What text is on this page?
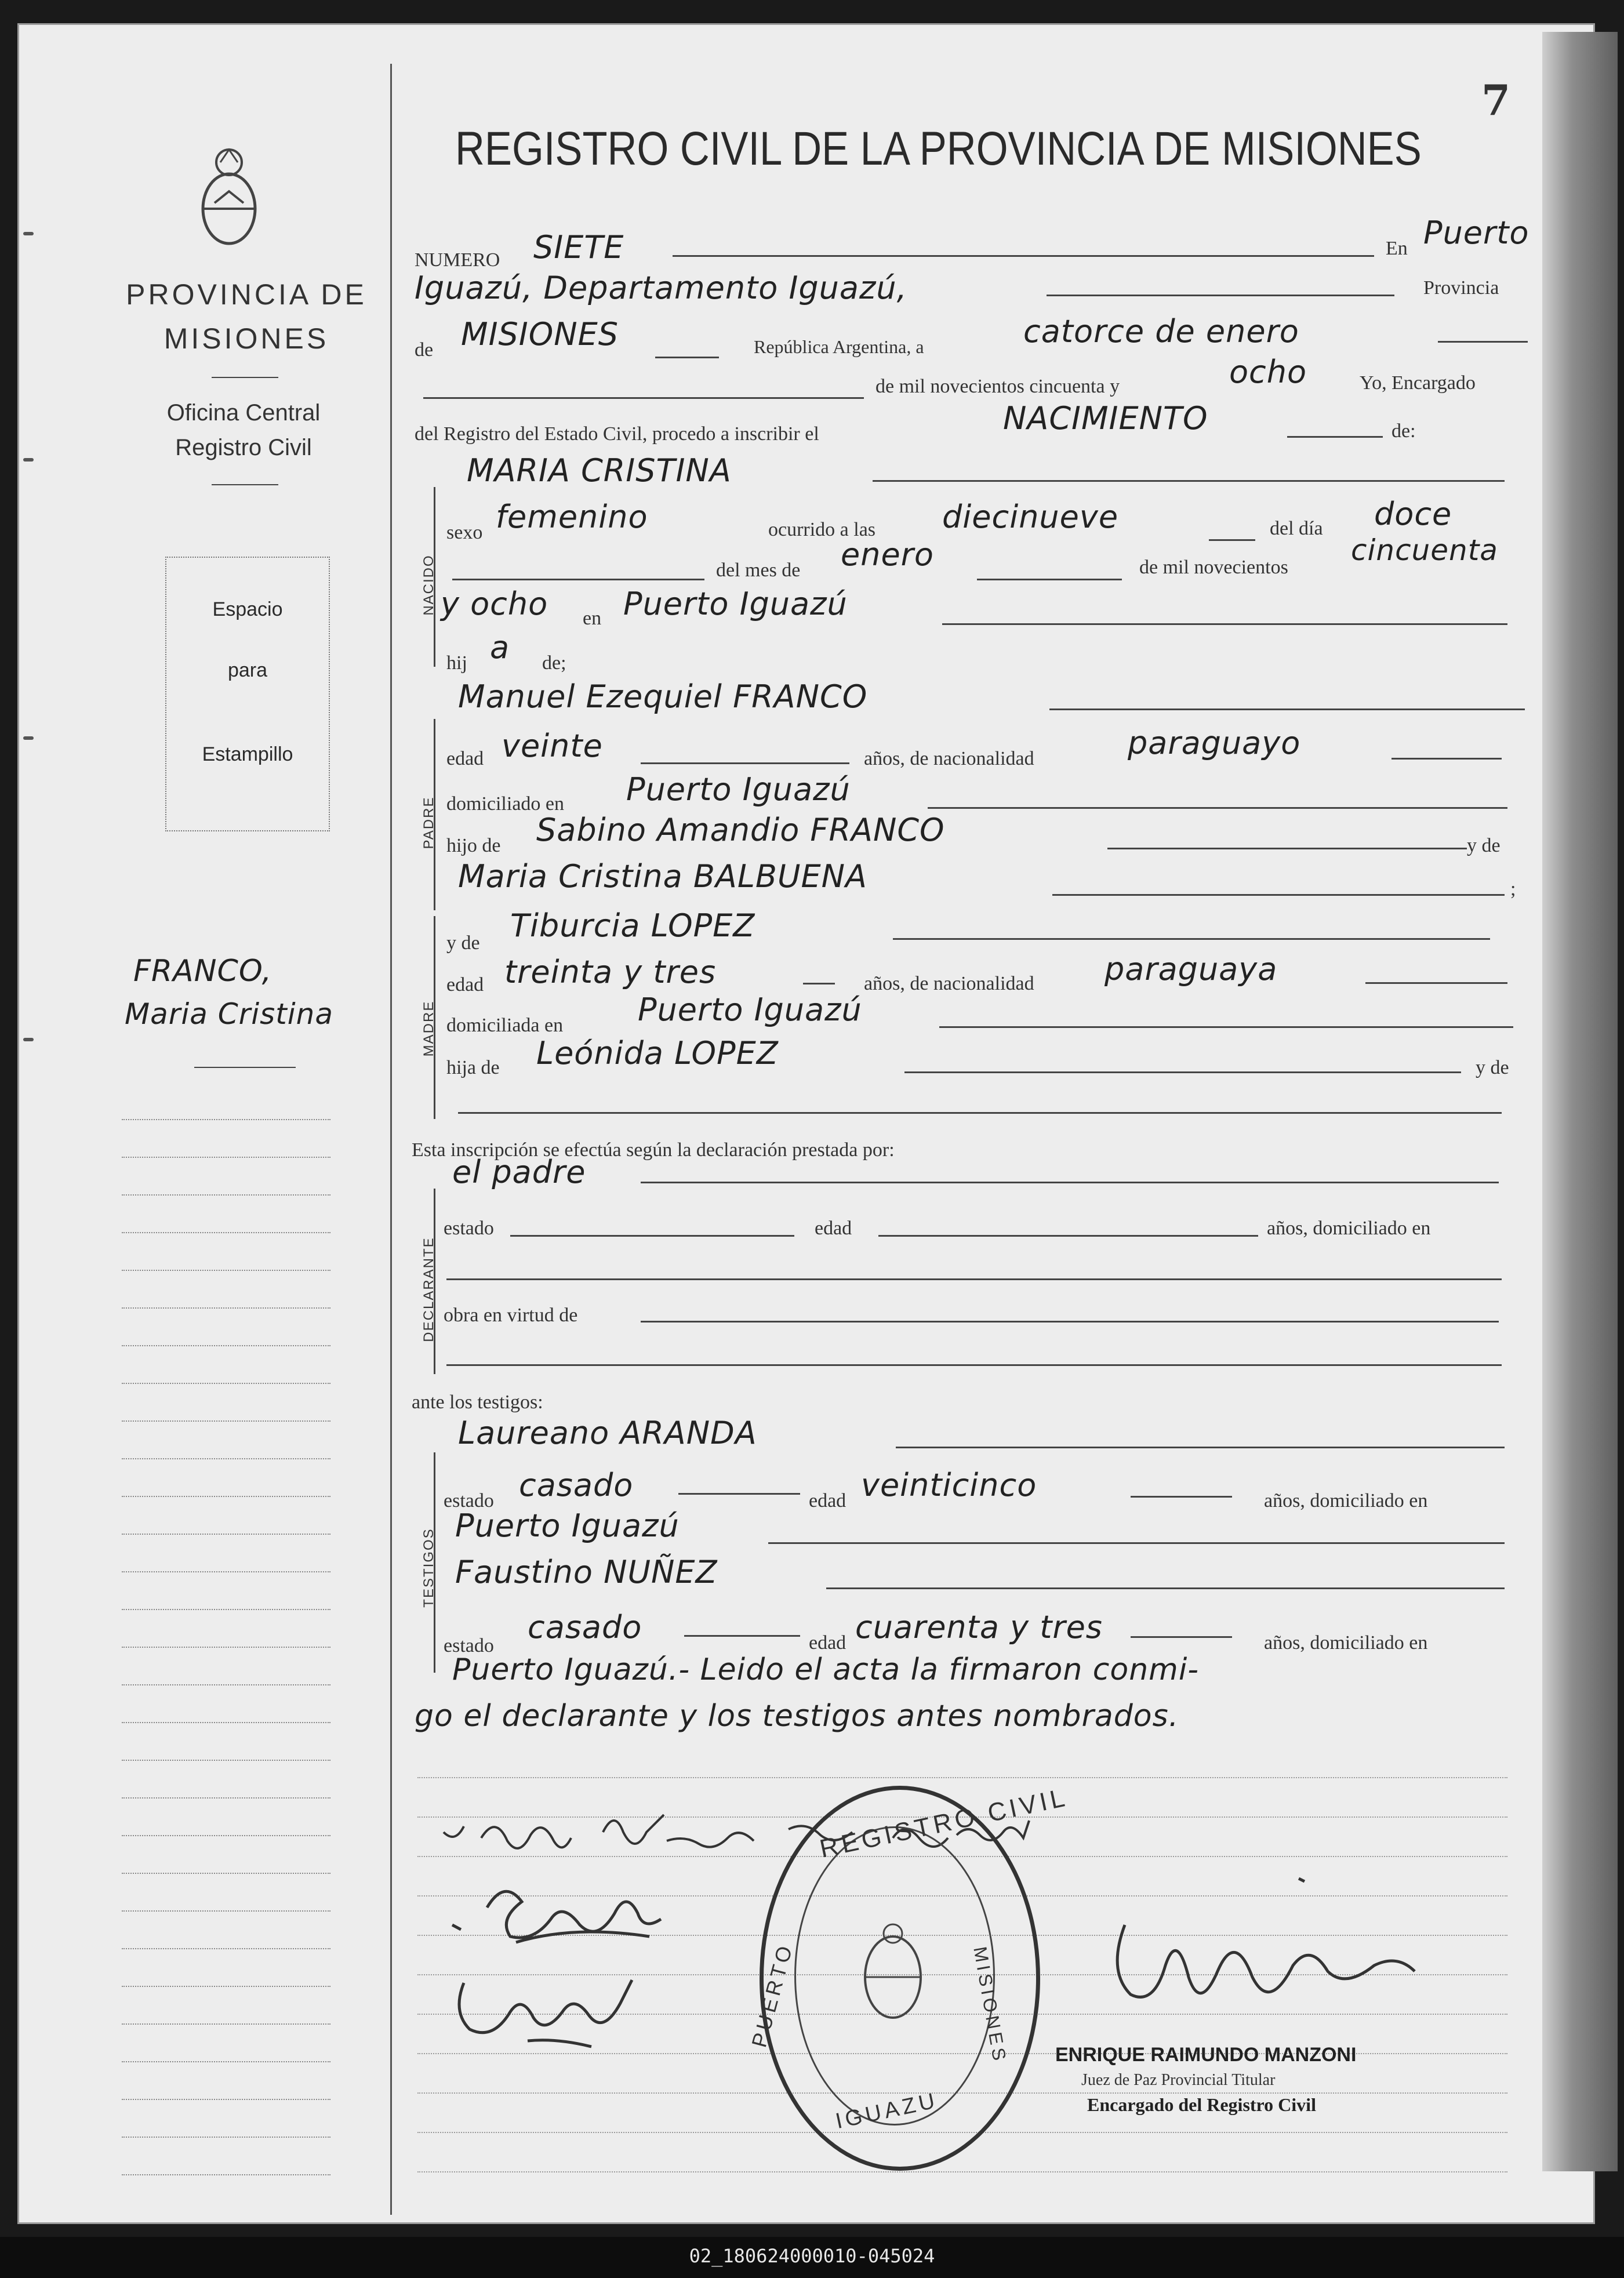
PROVINCIA DE
MISIONES
Oficina Central
Registro Civil
Espacio
para
Estampillo
FRANCO,
Maria Cristina
7
REGISTRO CIVIL DE LA PROVINCIA DE MISIONES
NUMERO SIETE	En Puerto
Iguazú, Departamento Iguazú,	Provincia
de MISIONES	República Argentina, a	catorce de enero
de mil novecientos cincuenta y	ocho	Yo, Encargado
del Registro del Estado Civil, procedo a inscribir el	NACIMIENTO	de:
MARIA CRISTINA
NACIDO
sexo femenino	ocurrido a las diecinueve	del día doce
del mes de enero	de mil novecientos
cincuenta
y ocho en Puerto Iguazú
hij a de;
Manuel Ezequiel FRANCO
PADRE
edad veinte	años, de nacionalidad	paraguayo
domiciliado en Puerto Iguazú
hijo de Sabino Amandio FRANCO	y de
Maria Cristina BALBUENA	;
MADRE
y de Tiburcia LOPEZ
edad treinta y tres	años, de nacionalidad paraguaya
domiciliada en Puerto Iguazú
hija de Leónida LOPEZ	y de
Esta inscripción se efectúa según la declaración prestada por:
el padre
DECLARANTE
estado	edad	años, domiciliado en
obra en virtud de
ante los testigos:
Laureano ARANDA
TESTIGOS
estado casado	edad veinticinco	años, domiciliado en
Puerto Iguazú
Faustino NUÑEZ
estado
casado	edad cuarenta y tres	años, domiciliado en
Puerto Iguazú.- Leido el acta la firmaron conmi-
go el declarante y los testigos antes nombrados.
REGISTRO CIVIL
PUERTO
IGUAZU
MISIONES ENRIQUE RAIMUNDO MANZONI
Juez de Paz Provincial Titular
Encargado del Registro Civil
02_180624000010-045024
